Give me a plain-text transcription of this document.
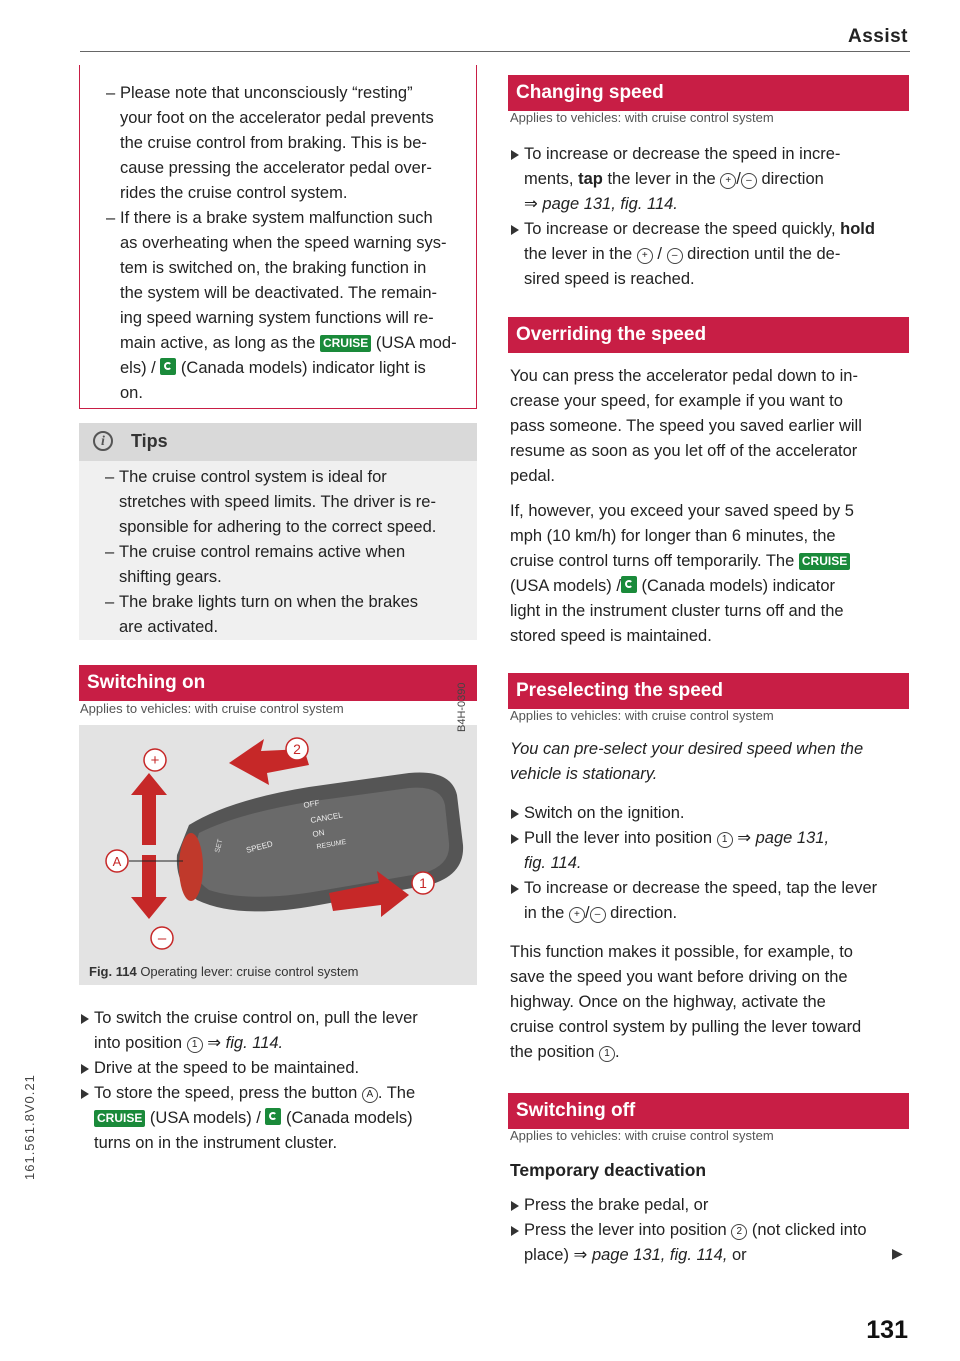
Assist
161.561.8V0.21
– Please note that unconsciously “resting”
your foot on the accelerator pedal prevents
the cruise control from braking. This is be-
cause pressing the accelerator pedal over-
rides the cruise control system.
– If there is a brake system malfunction such
as overheating when the speed warning sys-
tem is switched on, the braking function in
the system will be deactivated. The remain-
ing speed warning system functions will re-
main active, as long as the CRUISE (USA mod-
els) /  (Canada models) indicator light is
on.
i	Tips
– The cruise control system is ideal for
stretches with speed limits. The driver is re-
sponsible for adhering to the correct speed.
– The cruise control remains active when
shifting gears.
– The brake lights turn on when the brakes
are activated.
Switching on
Applies to vehicles: with cruise control system
+
–
2
1
A
SET	SPEED
OFF
CANCEL
ON
RESUME
B4H-0390
Fig. 114 Operating lever: cruise control system
To switch the cruise control on, pull the lever
into position 1 ⇒ fig. 114.
Drive at the speed to be maintained.
To store the speed, press the button A . The
CRUISE (USA models) /  (Canada models)
turns on in the instrument cluster.
Changing speed
Applies to vehicles: with cruise control system
To increase or decrease the speed in incre-
ments, tap the lever in the + / – direction
⇒ page 131, fig. 114.
To increase or decrease the speed quickly, hold
the lever in the + / – direction until the de-
sired speed is reached.
Overriding the speed
You can press the accelerator pedal down to in-
crease your speed, for example if you want to
pass someone. The speed you saved earlier will
resume as soon as you let off of the accelerator
pedal.
If, however, you exceed your saved speed by 5
mph (10 km/h) for longer than 6 minutes, the
cruise control turns off temporarily. The CRUISE
(USA models) / (Canada models) indicator
light in the instrument cluster turns off and the
stored speed is maintained.
Preselecting the speed
Applies to vehicles: with cruise control system
You can pre-select your desired speed when the
vehicle is stationary.
Switch on the ignition.
Pull the lever into position 1 ⇒ page 131,
fig. 114.
To increase or decrease the speed, tap the lever
in the + / – direction.
This function makes it possible, for example, to
save the speed you want before driving on the
highway. Once on the highway, activate the
cruise control system by pulling the lever toward
the position 1 .
Switching off
Applies to vehicles: with cruise control system
Temporary deactivation
Press the brake pedal, or
Press the lever into position 2 (not clicked into
place) ⇒ page 131, fig. 114, or	▶
131
